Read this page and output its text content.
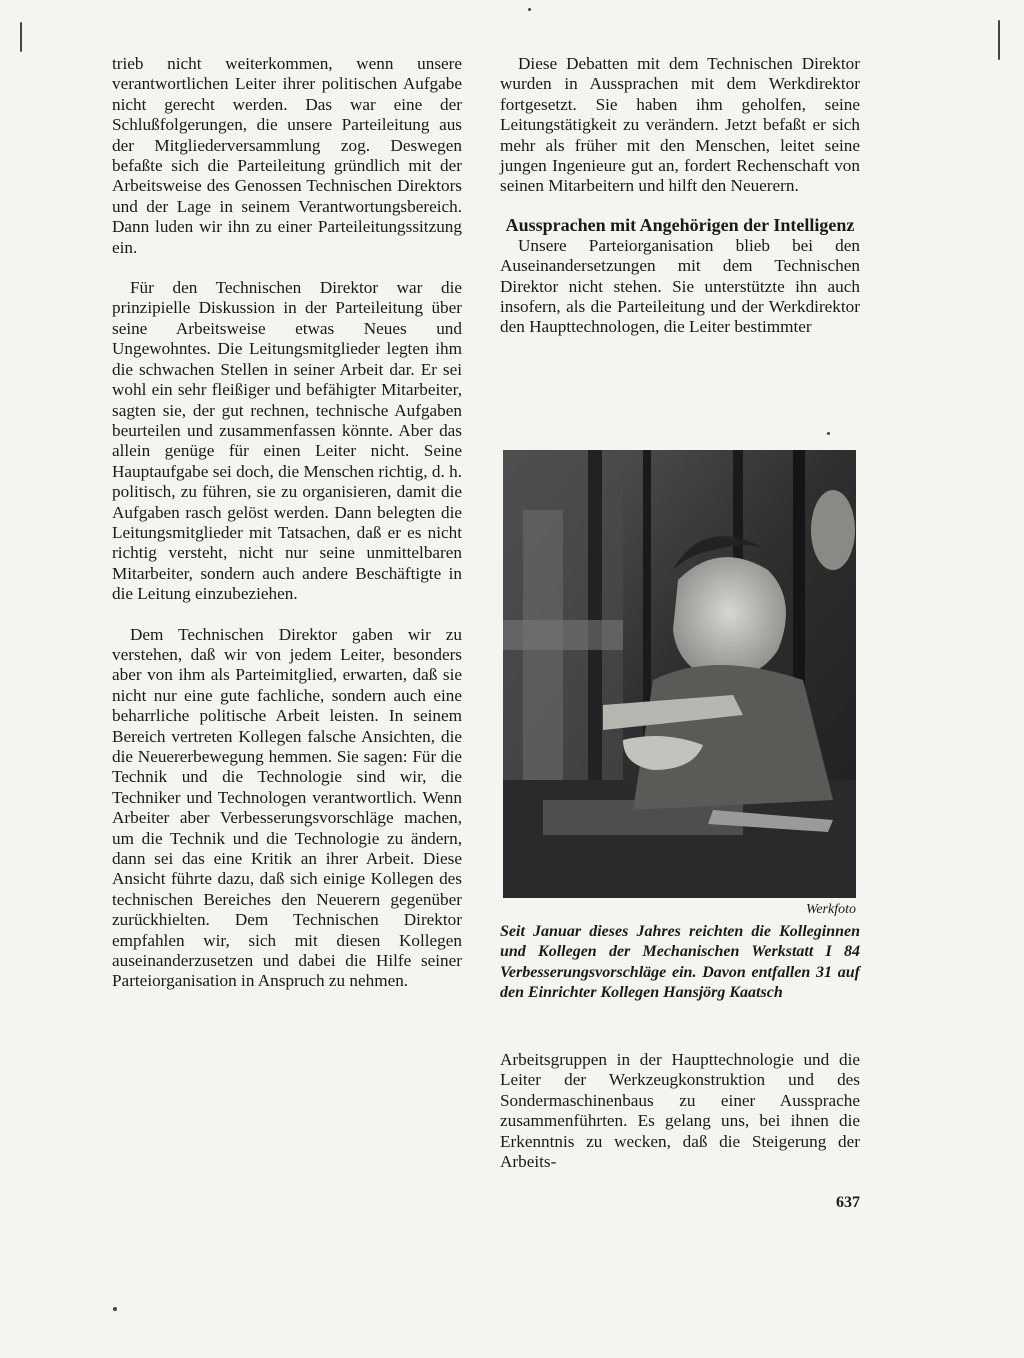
trieb nicht weiterkommen, wenn unsere verantwortlichen Leiter ihrer politischen Aufgabe nicht gerecht werden. Das war eine der Schlußfolgerungen, die unsere Parteileitung aus der Mitgliederversammlung zog. Deswegen befaßte sich die Parteileitung gründlich mit der Arbeitsweise des Genossen Technischen Direktors und der Lage in seinem Verantwortungsbereich. Dann luden wir ihn zu einer Parteileitungssitzung ein.

Für den Technischen Direktor war die prinzipielle Diskussion in der Parteileitung über seine Arbeitsweise etwas Neues und Ungewohntes. Die Leitungsmitglieder legten ihm die schwachen Stellen in seiner Arbeit dar. Er sei wohl ein sehr fleißiger und befähigter Mitarbeiter, sagten sie, der gut rechnen, technische Aufgaben beurteilen und zusammenfassen könnte. Aber das allein genüge für einen Leiter nicht. Seine Hauptaufgabe sei doch, die Menschen richtig, d. h. politisch, zu führen, sie zu organisieren, damit die Aufgaben rasch gelöst werden. Dann belegten die Leitungsmitglieder mit Tatsachen, daß er es nicht richtig versteht, nicht nur seine unmittelbaren Mitarbeiter, sondern auch andere Beschäftigte in die Leitung einzubeziehen.

Dem Technischen Direktor gaben wir zu verstehen, daß wir von jedem Leiter, besonders aber von ihm als Parteimitglied, erwarten, daß sie nicht nur eine gute fachliche, sondern auch eine beharrliche politische Arbeit leisten. In seinem Bereich vertreten Kollegen falsche Ansichten, die die Neuererbewegung hemmen. Sie sagen: Für die Technik und die Technologie sind wir, die Techniker und Technologen verantwortlich. Wenn Arbeiter aber Verbesserungsvorschläge machen, um die Technik und die Technologie zu ändern, dann sei das eine Kritik an ihrer Arbeit. Diese Ansicht führte dazu, daß sich einige Kollegen des technischen Bereiches den Neuerern gegenüber zurückhielten. Dem Technischen Direktor empfahlen wir, sich mit diesen Kollegen auseinanderzusetzen und dabei die Hilfe seiner Parteiorganisation in Anspruch zu nehmen.

Diese Debatten mit dem Technischen Direktor wurden in Aussprachen mit dem Werkdirektor fortgesetzt. Sie haben ihm geholfen, seine Leitungstätigkeit zu verändern. Jetzt befaßt er sich mehr als früher mit den Menschen, leitet seine jungen Ingenieure gut an, fordert Rechenschaft von seinen Mitarbeitern und hilft den Neuerern.

Aussprachen mit Angehörigen der Intelligenz

Unsere Parteiorganisation blieb bei den Auseinandersetzungen mit dem Technischen Direktor nicht stehen. Sie unterstützte ihn auch insofern, als die Parteileitung und der Werkdirektor den Haupttechnologen, die Leiter bestimmter

Werkfoto
Seit Januar dieses Jahres reichten die Kolleginnen und Kollegen der Mechanischen Werkstatt I 84 Verbesserungsvorschläge ein. Davon entfallen 31 auf den Einrichter Kollegen Hansjörg Kaatsch

Arbeitsgruppen in der Haupttechnologie und die Leiter der Werkzeugkonstruktion und des Sondermaschinenbaus zu einer Aussprache zusammenführten. Es gelang uns, bei ihnen die Erkenntnis zu wecken, daß die Steigerung der Arbeits-

637
